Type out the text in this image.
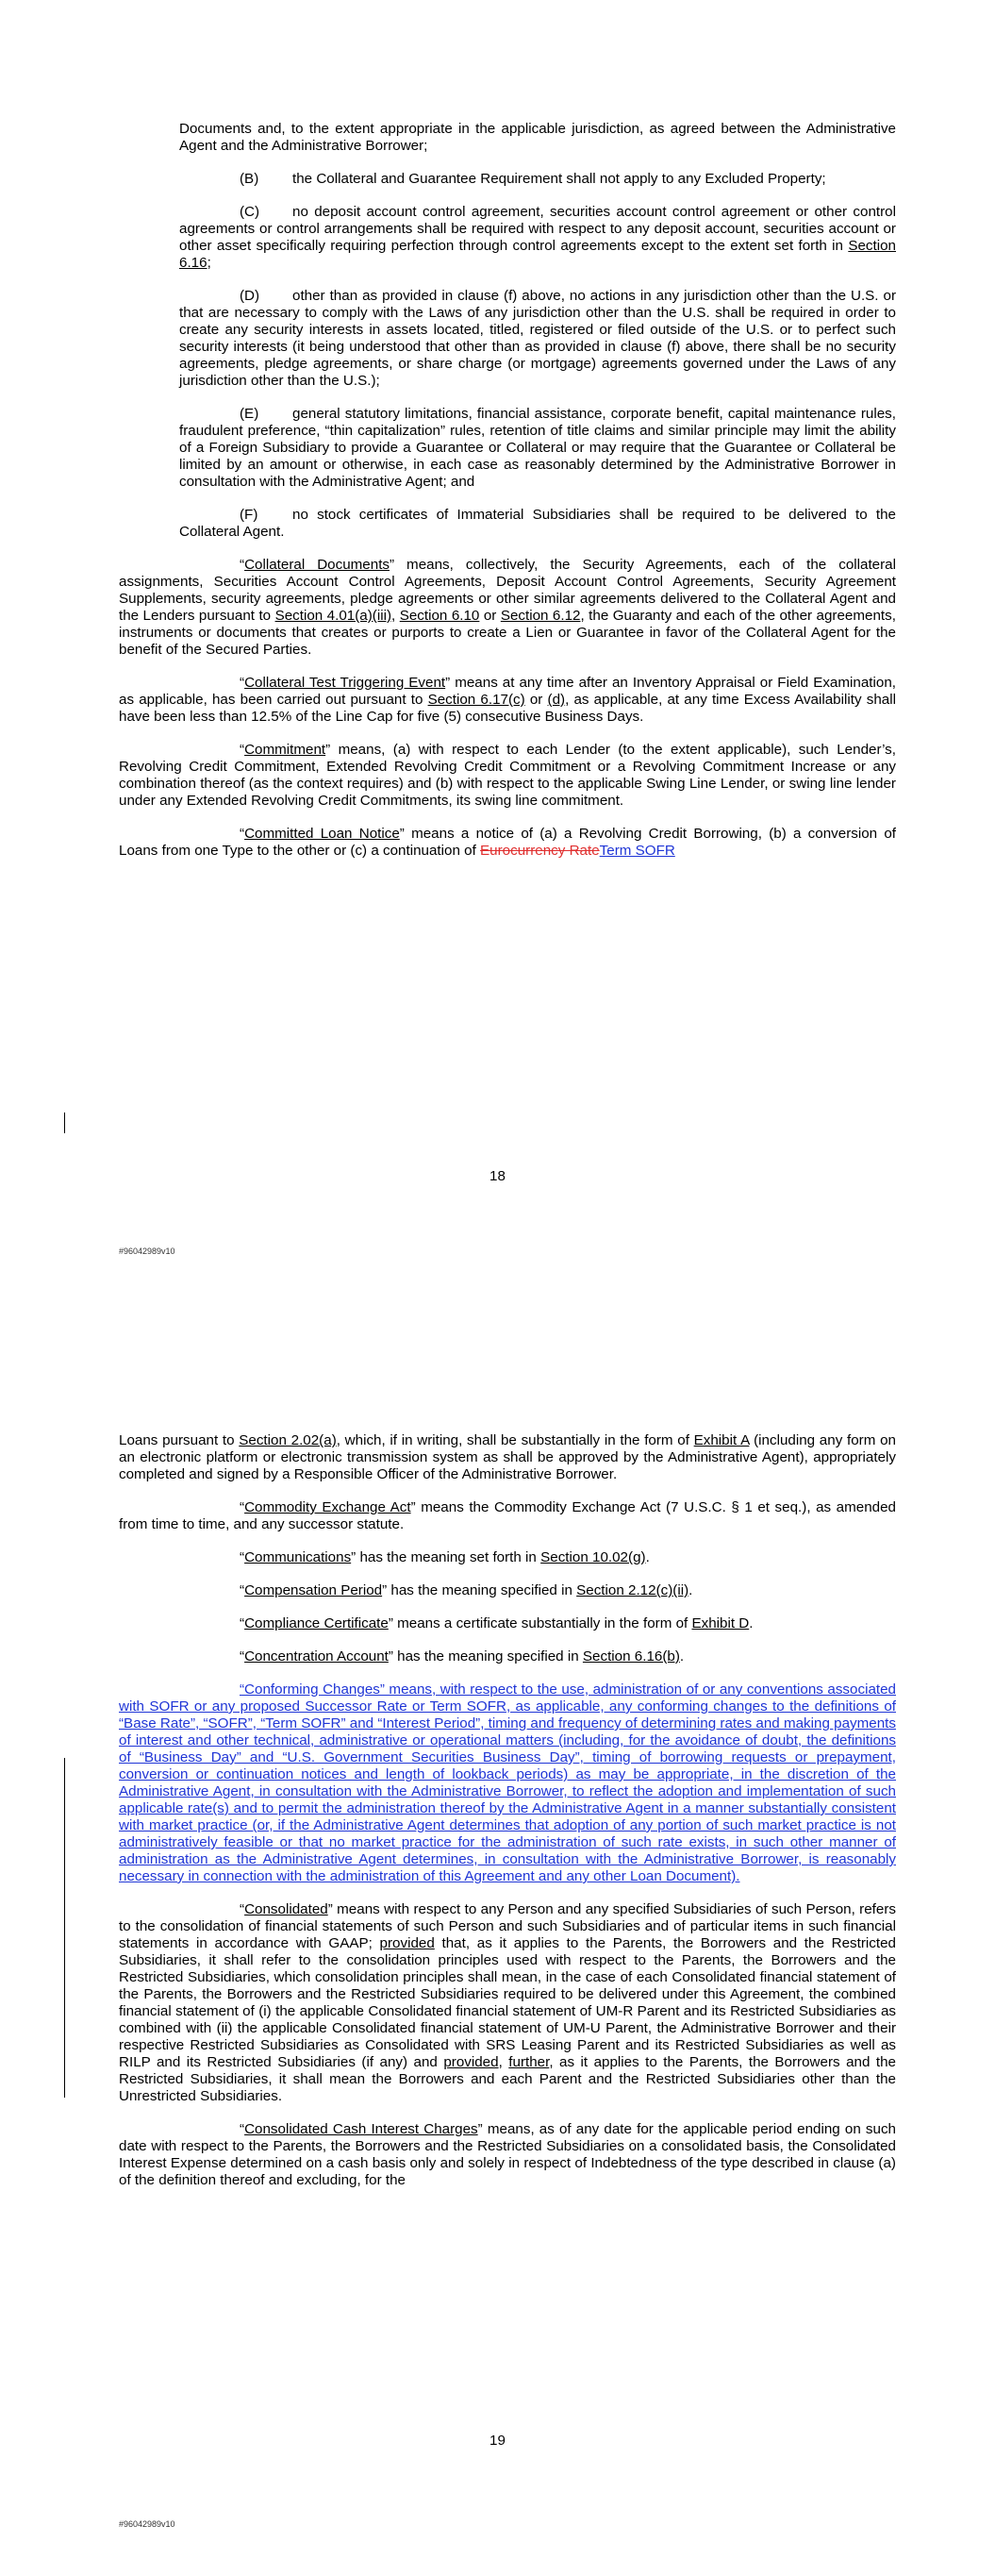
Documents and, to the extent appropriate in the applicable jurisdiction, as agreed between the Administrative Agent and the Administrative Borrower;

(B) the Collateral and Guarantee Requirement shall not apply to any Excluded Property;

(C) no deposit account control agreement, securities account control agreement or other control agreements or control arrangements shall be required with respect to any deposit account, securities account or other asset specifically requiring perfection through control agreements except to the extent set forth in Section 6.16;

(D) other than as provided in clause (f) above, no actions in any jurisdiction other than the U.S. or that are necessary to comply with the Laws of any jurisdiction other than the U.S. shall be required in order to create any security interests in assets located, titled, registered or filed outside of the U.S. or to perfect such security interests (it being understood that other than as provided in clause (f) above, there shall be no security agreements, pledge agreements, or share charge (or mortgage) agreements governed under the Laws of any jurisdiction other than the U.S.);

(E) general statutory limitations, financial assistance, corporate benefit, capital maintenance rules, fraudulent preference, “thin capitalization” rules, retention of title claims and similar principle may limit the ability of a Foreign Subsidiary to provide a Guarantee or Collateral or may require that the Guarantee or Collateral be limited by an amount or otherwise, in each case as reasonably determined by the Administrative Borrower in consultation with the Administrative Agent; and

(F) no stock certificates of Immaterial Subsidiaries shall be required to be delivered to the Collateral Agent.

“Collateral Documents” means, collectively, the Security Agreements, each of the collateral assignments, Securities Account Control Agreements, Deposit Account Control Agreements, Security Agreement Supplements, security agreements, pledge agreements or other similar agreements delivered to the Collateral Agent and the Lenders pursuant to Section 4.01(a)(iii), Section 6.10 or Section 6.12, the Guaranty and each of the other agreements, instruments or documents that creates or purports to create a Lien or Guarantee in favor of the Collateral Agent for the benefit of the Secured Parties.

“Collateral Test Triggering Event” means at any time after an Inventory Appraisal or Field Examination, as applicable, has been carried out pursuant to Section 6.17(c) or (d), as applicable, at any time Excess Availability shall have been less than 12.5% of the Line Cap for five (5) consecutive Business Days.

“Commitment” means, (a) with respect to each Lender (to the extent applicable), such Lender’s, Revolving Credit Commitment, Extended Revolving Credit Commitment or a Revolving Commitment Increase or any combination thereof (as the context requires) and (b) with respect to the applicable Swing Line Lender, or swing line lender under any Extended Revolving Credit Commitments, its swing line commitment.

“Committed Loan Notice” means a notice of (a) a Revolving Credit Borrowing, (b) a conversion of Loans from one Type to the other or (c) a continuation of Eurocurrency RateTerm SOFR

18
#96042989v10

Loans pursuant to Section 2.02(a), which, if in writing, shall be substantially in the form of Exhibit A (including any form on an electronic platform or electronic transmission system as shall be approved by the Administrative Agent), appropriately completed and signed by a Responsible Officer of the Administrative Borrower.

“Commodity Exchange Act” means the Commodity Exchange Act (7 U.S.C. § 1 et seq.), as amended from time to time, and any successor statute.

“Communications” has the meaning set forth in Section 10.02(g).

“Compensation Period” has the meaning specified in Section 2.12(c)(ii).

“Compliance Certificate” means a certificate substantially in the form of Exhibit D.

“Concentration Account” has the meaning specified in Section 6.16(b).

“Conforming Changes” means, with respect to the use, administration of or any conventions associated with SOFR or any proposed Successor Rate or Term SOFR, as applicable, any conforming changes to the definitions of “Base Rate”, “SOFR”, “Term SOFR” and “Interest Period”, timing and frequency of determining rates and making payments of interest and other technical, administrative or operational matters (including, for the avoidance of doubt, the definitions of “Business Day” and “U.S. Government Securities Business Day”, timing of borrowing requests or prepayment, conversion or continuation notices and length of lookback periods) as may be appropriate, in the discretion of the Administrative Agent, in consultation with the Administrative Borrower, to reflect the adoption and implementation of such applicable rate(s) and to permit the administration thereof by the Administrative Agent in a manner substantially consistent with market practice (or, if the Administrative Agent determines that adoption of any portion of such market practice is not administratively feasible or that no market practice for the administration of such rate exists, in such other manner of administration as the Administrative Agent determines, in consultation with the Administrative Borrower, is reasonably necessary in connection with the administration of this Agreement and any other Loan Document).

“Consolidated” means with respect to any Person and any specified Subsidiaries of such Person, refers to the consolidation of financial statements of such Person and such Subsidiaries and of particular items in such financial statements in accordance with GAAP; provided that, as it applies to the Parents, the Borrowers and the Restricted Subsidiaries, it shall refer to the consolidation principles used with respect to the Parents, the Borrowers and the Restricted Subsidiaries, which consolidation principles shall mean, in the case of each Consolidated financial statement of the Parents, the Borrowers and the Restricted Subsidiaries required to be delivered under this Agreement, the combined financial statement of (i) the applicable Consolidated financial statement of UM-R Parent and its Restricted Subsidiaries as combined with (ii) the applicable Consolidated financial statement of UM-U Parent, the Administrative Borrower and their respective Restricted Subsidiaries as Consolidated with SRS Leasing Parent and its Restricted Subsidiaries as well as RILP and its Restricted Subsidiaries (if any) and provided, further, as it applies to the Parents, the Borrowers and the Restricted Subsidiaries, it shall mean the Borrowers and each Parent and the Restricted Subsidiaries other than the Unrestricted Subsidiaries.

“Consolidated Cash Interest Charges” means, as of any date for the applicable period ending on such date with respect to the Parents, the Borrowers and the Restricted Subsidiaries on a consolidated basis, the Consolidated Interest Expense determined on a cash basis only and solely in respect of Indebtedness of the type described in clause (a) of the definition thereof and excluding, for the

19
#96042989v10
